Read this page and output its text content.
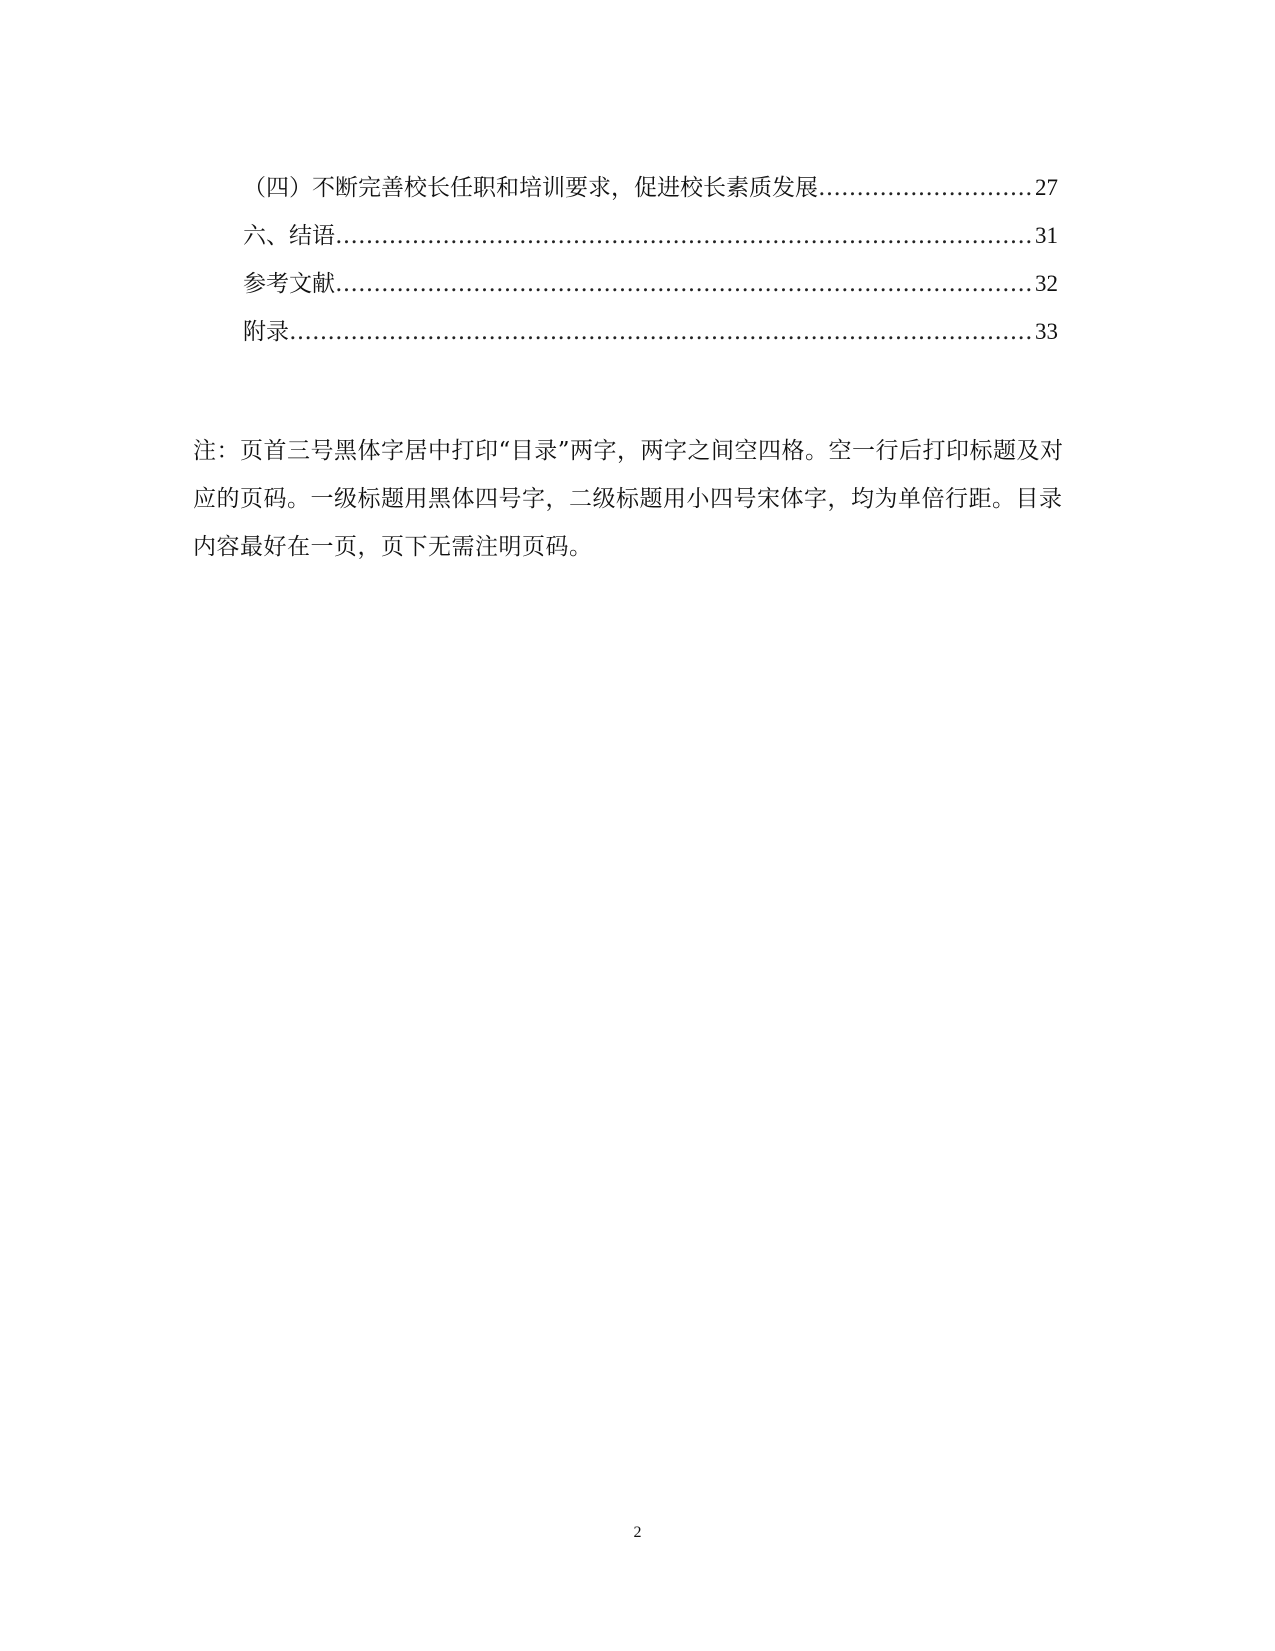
（四）不断完善校长任职和培训要求，促进校长素质发展 ………………………………………………………………………………………………………………………………………………………	27
六、结语 ………………………………………………………………………………………………………………………………………………………	31
参考文献 ………………………………………………………………………………………………………………………………………………………	32
附录 ………………………………………………………………………………………………………………………………………………………	33

注：页首三号黑体字居中打印“目录”两字，两字之间空四格。空一行后打印标题及对应的页码。一级标题用黑体四号字，二级标题用小四号宋体字，均为单倍行距。目录内容最好在一页，页下无需注明页码。

2
